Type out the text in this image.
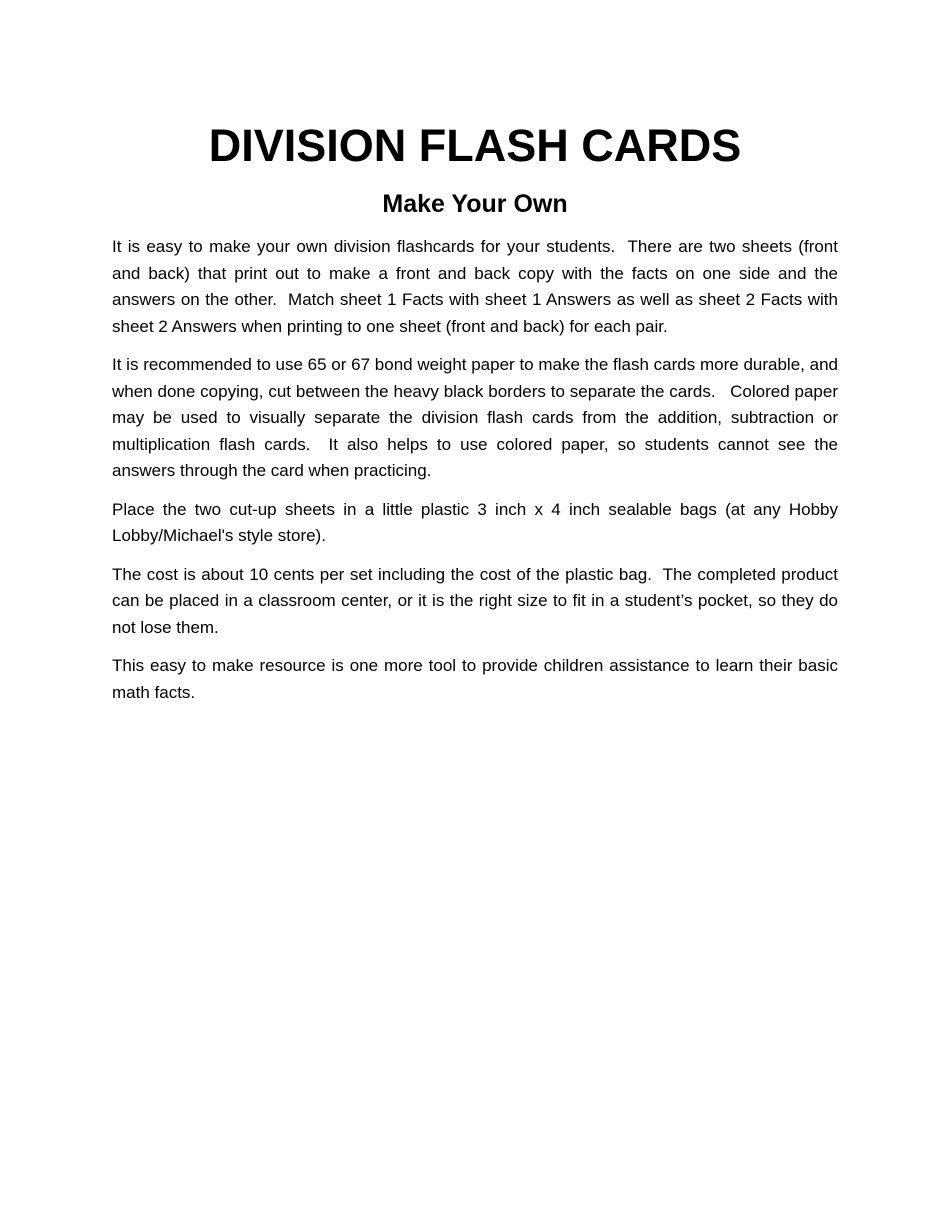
DIVISION FLASH CARDS
Make Your Own

It is easy to make your own division flashcards for your students.  There are two sheets (front and back) that print out to make a front and back copy with the facts on one side and the answers on the other.  Match sheet 1 Facts with sheet 1 Answers as well as sheet 2 Facts with sheet 2 Answers when printing to one sheet (front and back) for each pair.

It is recommended to use 65 or 67 bond weight paper to make the flash cards more durable, and when done copying, cut between the heavy black borders to separate the cards.   Colored paper may be used to visually separate the division flash cards from the addition, subtraction or multiplication flash cards.  It also helps to use colored paper, so students cannot see the answers through the card when practicing.

Place the two cut-up sheets in a little plastic 3 inch x 4 inch sealable bags (at any Hobby Lobby/Michael's style store).

The cost is about 10 cents per set including the cost of the plastic bag.  The completed product can be placed in a classroom center, or it is the right size to fit in a student’s pocket, so they do not lose them.

This easy to make resource is one more tool to provide children assistance to learn their basic math facts.
